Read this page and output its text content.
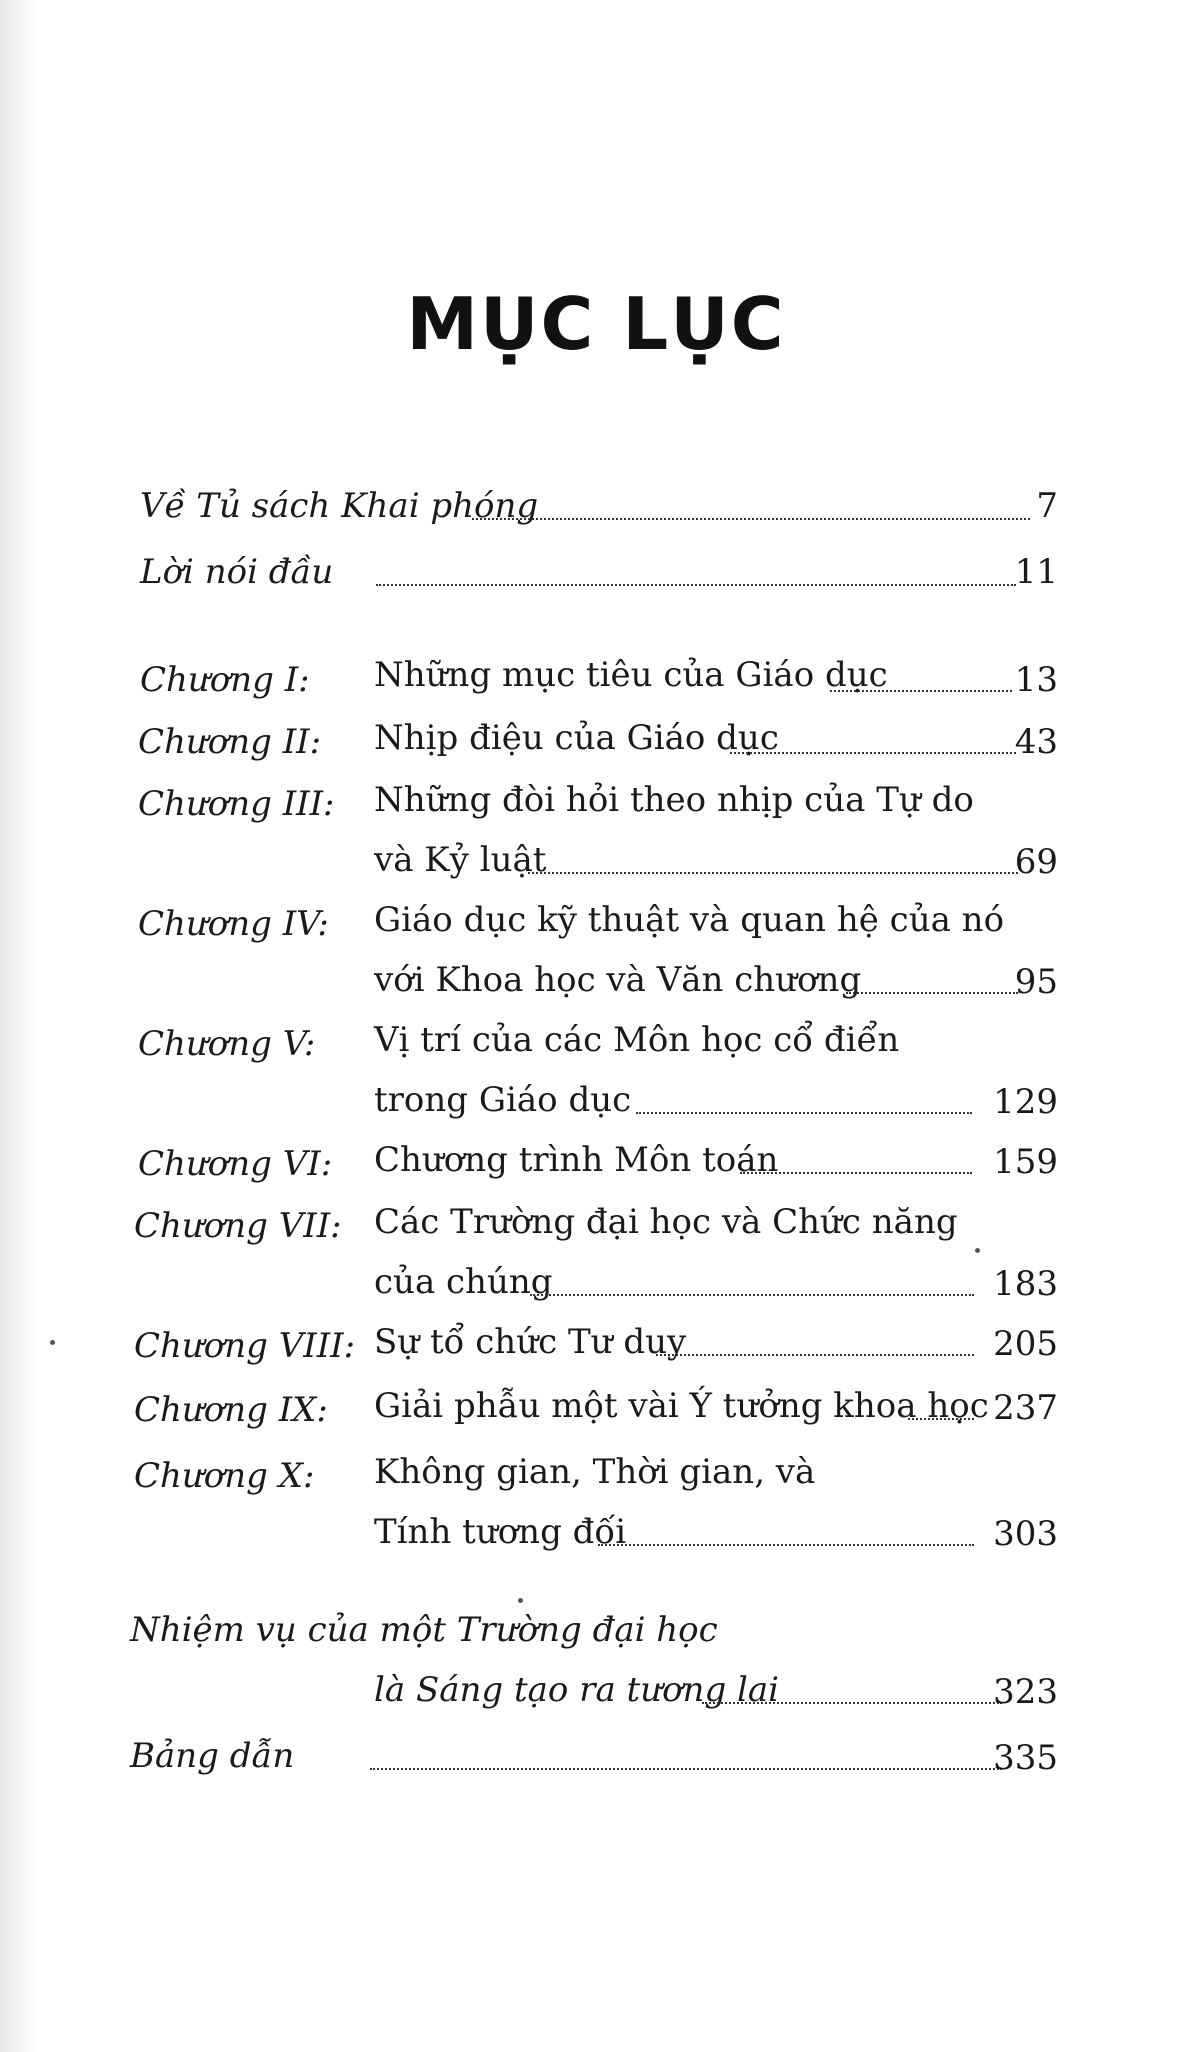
MỤC LỤC
Về Tủ sách Khai phóng	7
Lời nói đầu	11
Chương I: Những mục tiêu của Giáo dục	13
Chương II: Nhịp điệu của Giáo dục	43
Chương III: Những đòi hỏi theo nhịp của Tự do
và Kỷ luật	69
Chương IV: Giáo dục kỹ thuật và quan hệ của nó
với Khoa học và Văn chương	95
Chương V: Vị trí của các Môn học cổ điển
trong Giáo dục	129
Chương VI: Chương trình Môn toán	159
Chương VII: Các Trường đại học và Chức năng
của chúng	183
Chương VIII: Sự tổ chức Tư duy	205
Chương IX: Giải phẫu một vài Ý tưởng khoa học 237
Chương X: Không gian, Thời gian, và
Tính tương đối	303
Nhiệm vụ của một Trường đại học
là Sáng tạo ra tương lai	323
Bảng dẫn	335
